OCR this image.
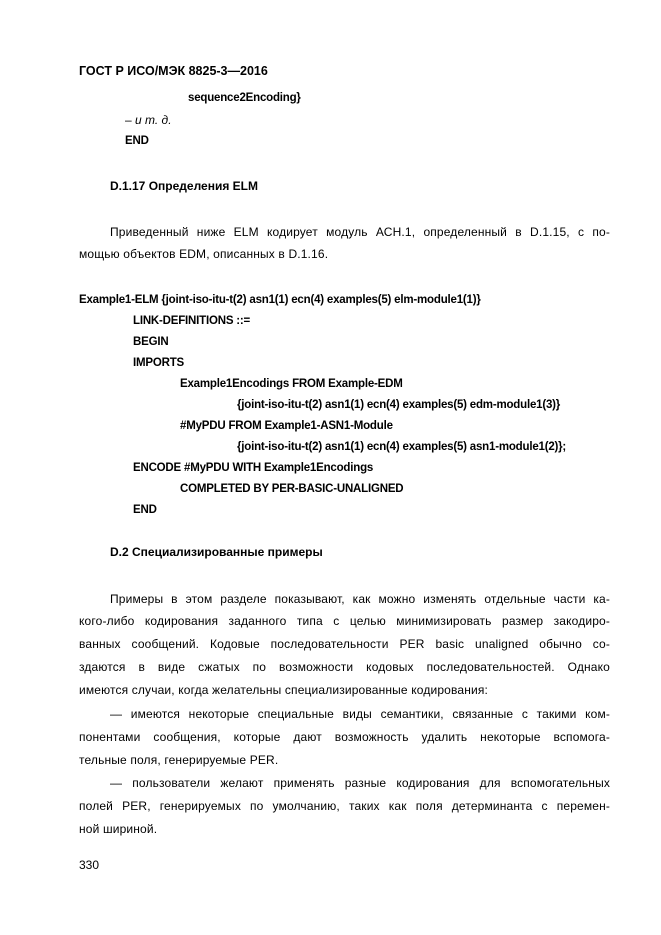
ГОСТ Р ИСО/МЭК 8825-3—2016
sequence2Encoding}
– и т. д.
END
D.1.17 Определения ELM
Приведенный ниже ELM кодирует модуль АСН.1, определенный в D.1.15, с по-
мощью объектов EDM, описанных в D.1.16.
Example1-ELM {joint-iso-itu-t(2) asn1(1) ecn(4) examples(5) elm-module1(1)}
LINK-DEFINITIONS ::=
BEGIN
IMPORTS
Example1Encodings FROM Example-EDM
{joint-iso-itu-t(2) asn1(1) ecn(4) examples(5) edm-module1(3)}
#MyPDU FROM Example1-ASN1-Module
{joint-iso-itu-t(2) asn1(1) ecn(4) examples(5) asn1-module1(2)};
ENCODE #MyPDU WITH Example1Encodings
COMPLETED BY PER-BASIC-UNALIGNED
END
D.2 Специализированные примеры
Примеры в этом разделе показывают, как можно изменять отдельные части ка-
кого-либо кодирования заданного типа с целью минимизировать размер закодиро-
ванных сообщений. Кодовые последовательности PER basic unaligned обычно со-
здаются в виде сжатых по возможности кодовых последовательностей. Однако
имеются случаи, когда желательны специализированные кодирования:
— имеются некоторые специальные виды семантики, связанные с такими ком-
понентами сообщения, которые дают возможность удалить некоторые вспомога-
тельные поля, генерируемые PER.
— пользователи желают применять разные кодирования для вспомогательных
полей PER, генерируемых по умолчанию, таких как поля детерминанта с перемен-
ной шириной.
330
